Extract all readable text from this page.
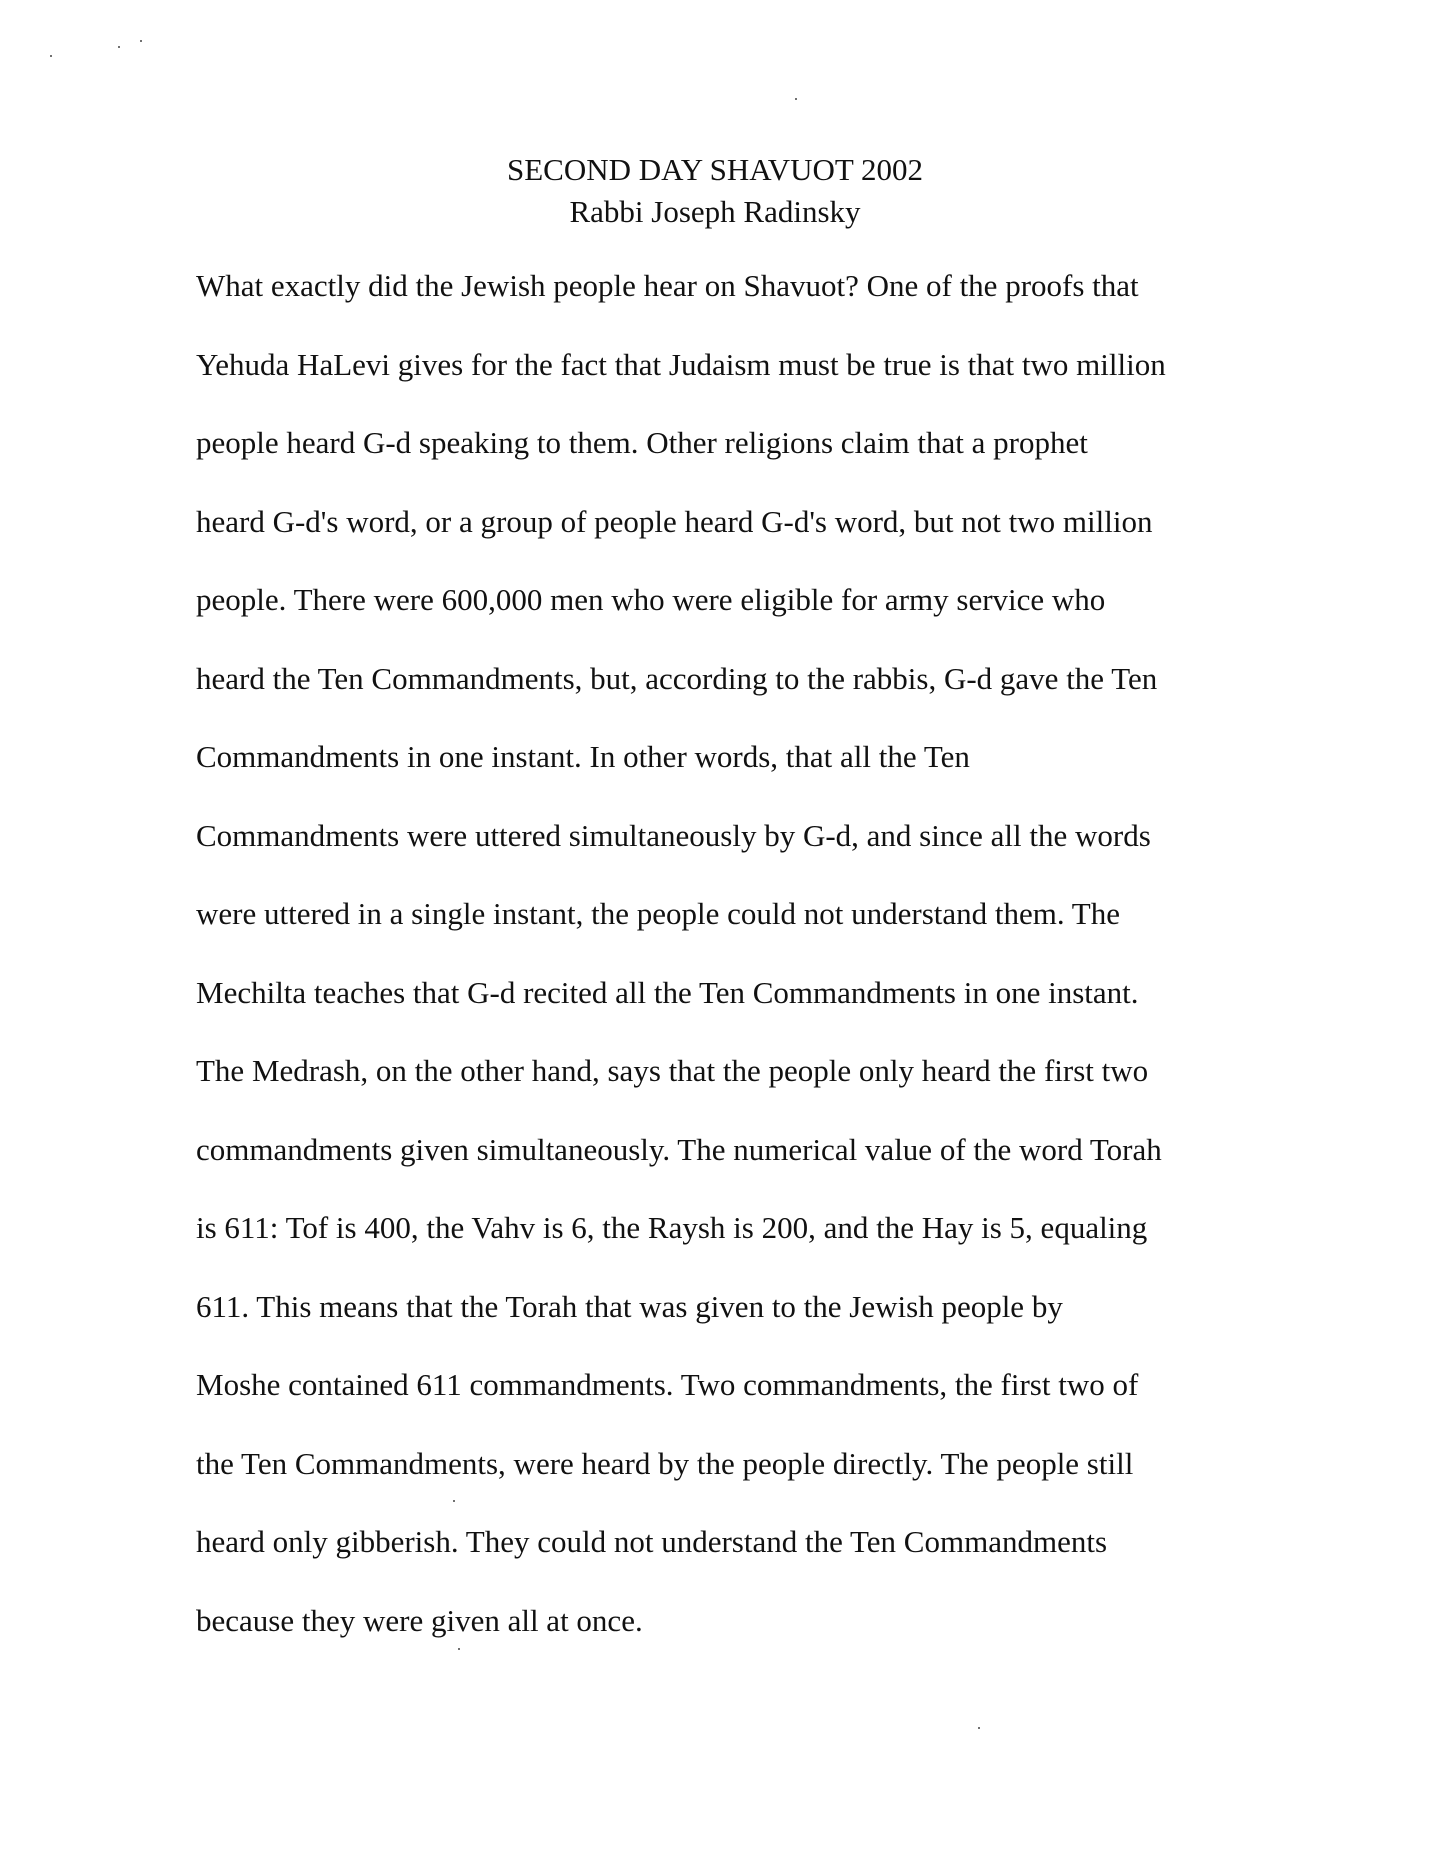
SECOND DAY SHAVUOT 2002
Rabbi Joseph Radinsky
What exactly did the Jewish people hear on Shavuot? One of the proofs that
Yehuda HaLevi gives for the fact that Judaism must be true is that two million
people heard G-d speaking to them. Other religions claim that a prophet
heard G-d's word, or a group of people heard G-d's word, but not two million
people. There were 600,000 men who were eligible for army service who
heard the Ten Commandments, but, according to the rabbis, G-d gave the Ten
Commandments in one instant. In other words, that all the Ten
Commandments were uttered simultaneously by G-d, and since all the words
were uttered in a single instant, the people could not understand them. The
Mechilta teaches that G-d recited all the Ten Commandments in one instant.
The Medrash, on the other hand, says that the people only heard the first two
commandments given simultaneously. The numerical value of the word Torah
is 611: Tof is 400, the Vahv is 6, the Raysh is 200, and the Hay is 5, equaling
611. This means that the Torah that was given to the Jewish people by
Moshe contained 611 commandments. Two commandments, the first two of
the Ten Commandments, were heard by the people directly. The people still
heard only gibberish. They could not understand the Ten Commandments
because they were given all at once.
